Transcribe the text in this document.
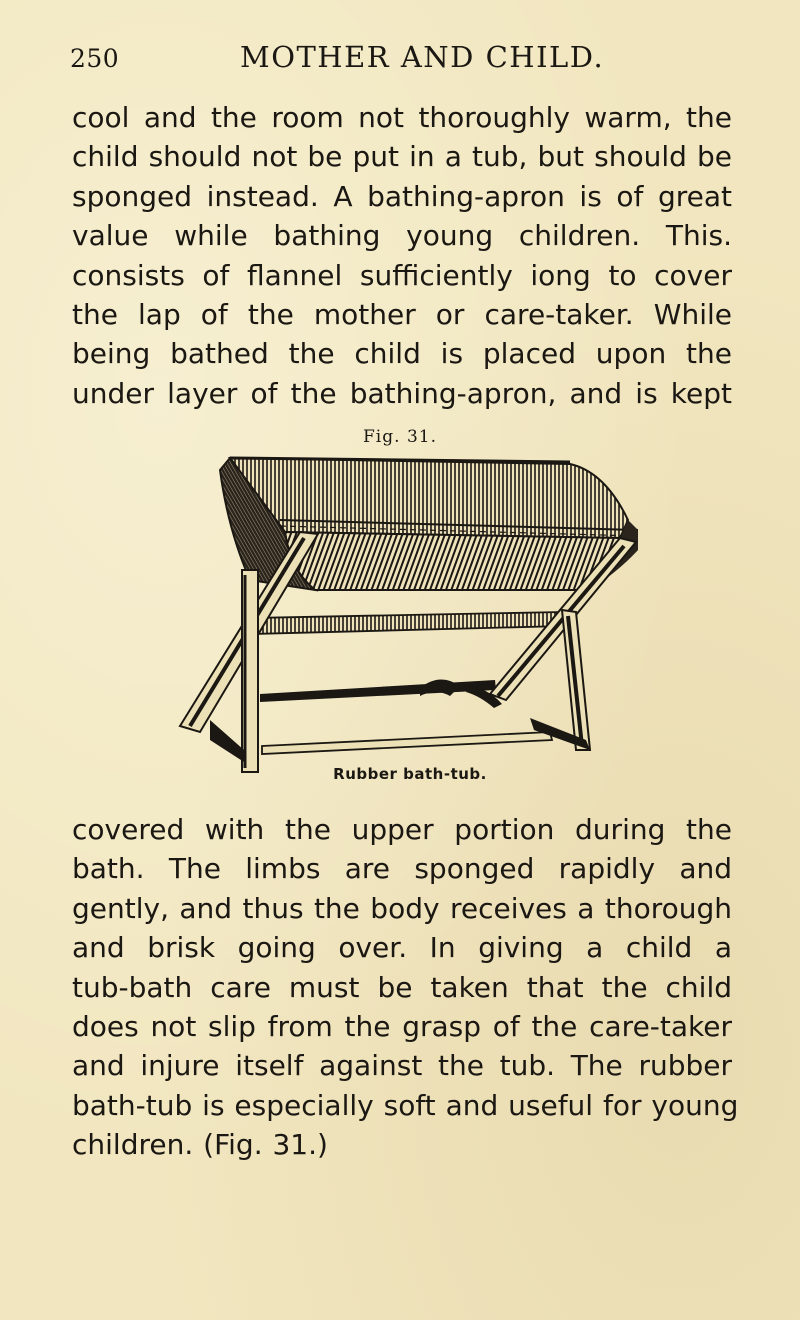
250	MOTHER AND CHILD.

cool and the room not thoroughly warm, the
child should not be put in a tub, but should be
sponged instead. A bathing-apron is of great
value while bathing young children. This.
consists of flannel sufficiently iong to cover
the lap of the mother or care-taker. While
being bathed the child is placed upon the
under layer of the bathing-apron, and is kept

Fig. 31.
Rubber bath-tub.

covered with the upper portion during the
bath. The limbs are sponged rapidly and
gently, and thus the body receives a thorough
and brisk going over. In giving a child a
tub-bath care must be taken that the child
does not slip from the grasp of the care-taker
and injure itself against the tub. The rubber
bath-tub is especially soft and useful for young
children. (Fig. 31.)
